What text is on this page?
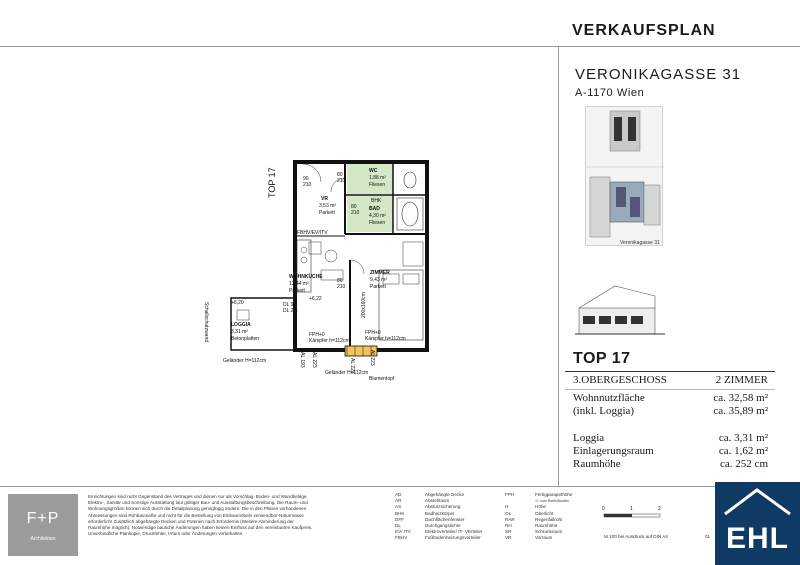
VERKAUFSPLAN
VERONIKAGASSE 31
A-1170 Wien
Veronikagasse 31
TOP 17
3.OBERGESCHOSS	2 ZIMMER
Wohnnutzfläche	ca. 32,58 m²
(inkl. Loggia)	ca. 35,89 m²
Loggia	ca. 3,31 m²
Einlagerungsraum	ca. 1,62 m²
Raumhöhe	ca. 252 cm
TOP 17	90
210
80
210
WC
1,88 m²
Fliesen
BHK
80
210
BAD
4,30 m²
Fliesen	170x75cm
VR
3,53 m²
Parkett
FBHV/EV/ITV
WOHNKÜCHE
13,44 m²
Parkett
80
210
ZIMMER
9,43 m²
Parkett
200x160cm
+6,20
+6,22
DL 92
DL 2/6
LOGGIA
3,31 m²
Betonplatten
FPH+0
Kämpfer h=112cm
FPH+0
Kämpfer h=112cm
Geländer H=112cm
Geländer H=112cm
Schallschutzwand
AL 193 AL 223	AL 223
AL 223
Blumentopf
F+P
Architekten
Einrichtungen sind nicht Gegenstand des Vertrages und dienen nur als Vorschlag. Boden- und Wandbeläge, Elektro-, Sanitär und Sonstige Ausstattung laut gültiger Bau- und Ausstattungsbeschreibung. Die Raum- und Wohnungsgrößen können sich durch die Detailplanung geringfügig ändern. Die in den Plänen vorhandenen Abmessungen sind Rohbaumaße und nicht für die Bestellung von Einbaumöbeln verwendbar-Naturmasse erforderlich! Zusätzlich abgehängte Decken und Poterien nach Erfordernis (Weitere Abminderung der Raumhöhe möglich). Notwendige bauliche Änderungen haben keinen Einfluss auf den vereinbarten Kaufpreis. Unverbindliche Plankopie, Druckfehler, Irrtum oder Änderungen vorbehalten.
AD	Abgehängte Decke
AR	Abstellraum
AS	Absturzsicherung
BHK	Badheizkörper
DFF	Dachflächenfenster
DL	Durchgangslichte
EV/ ITV	Elektroverteiler/ IT- VErteiler
FBHV	Fußbodenheizungsverteiler
FPH	Fertigparapethöhe
+/- vom Rohfußboden
H	Höhe
OL	Oberlicht
RAR	Regenfallrohr
RH	Raumhöhe
SR	Schrankraum
VR	Vorraum
0	1	2
M 100 bei Ausdruck auf DIN A4	01 EHL
